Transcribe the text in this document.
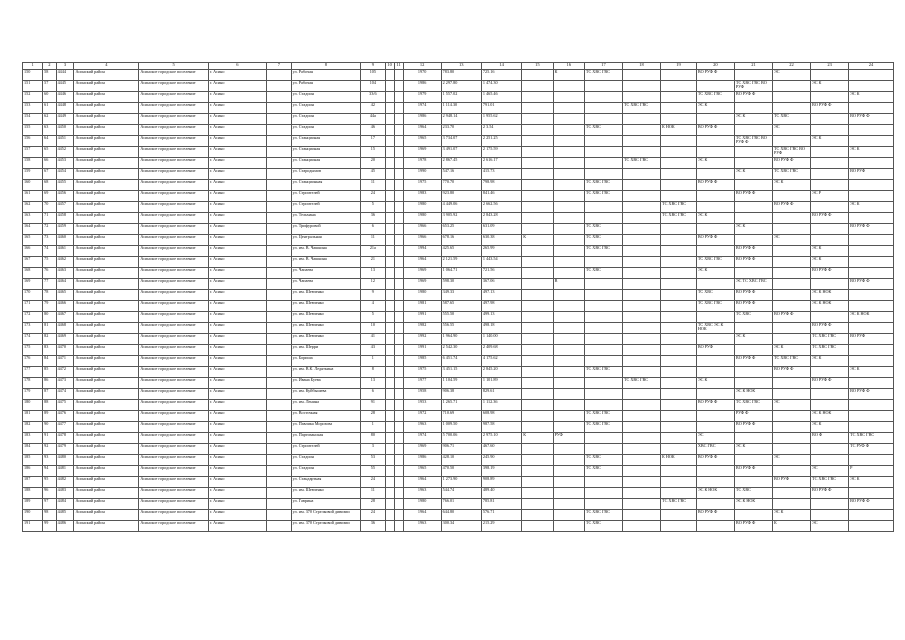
1	2	3	4	5	6	7	8	9	10	11	12	13	14	15	16	17	18	19	20	21	22	23	24
150	58	4444	Асинский район	Асинское городское поселение	г. Асино		ул. Рабочая	105			1970	783.80	725.16		К	ТС ХВС ГВС			ВО РУФ Ф		ЭС		
151	57	4445	Асинский район	Асинское городское поселение	г. Асино		ул. Рабочая	104			1986	2 297.80	1 474.30							ТС ХВС ГВС ВО РУФ		ЭС К	
152	60	4446	Асинский район	Асинское городское поселение	г. Асино		ул. Стадион	33/6			1979	1 557.02	1 465.46						ТС ХВС ГВС	ВО РУФ Ф			ЭС К
153	61	4448	Асинский район	Асинское городское поселение	г. Асино		ул. Стадион	42			1974	1 114.30	791.01				ТС ХВС ГВС		ЭС К			ВО РУФ Ф	
154	62	4449	Асинский район	Асинское городское поселение	г. Асино		ул. Стадион	44a			1986	2 948.14	1 955.62							ЭС К	ТС ХВС		ВО РУФ Ф
155	63	4450	Асинский район	Асинское городское поселение	г. Асино		ул. Стадион	46			1964	233.70	2 3.54			ТС ХВС		К НОК	ВО РУФ Ф		ЭС		
156	64	4451	Асинский район	Асинское городское поселение	г. Асино		ул. Станционая	17			1965	3 734.07	2 251.25							ТС ХВС ГВС ВО РУФ Ф		ЭС К	
157	65	4452	Асинский район	Асинское городское поселение	г. Асино		ул. Станционая	15			1969	3 491.07	2 175.59								ТС ХВС ГВС ВО РУФ		ЭС К
158	66	4453	Асинский район	Асинское городское поселение	г. Асино		ул. Станционая	20			1978	2 867.45	2 616.17				ТС ХВС ГВС		ЭС К		ВО РУФ Ф		
159	67	4454	Асинский район	Асинское городское поселение	г. Асино		ул. Стародымов	45			1990	547.16	415.73							ЭС К	ТС ХВС ГВС		ВО РУФ
160	68	4455	Асинский район	Асинское городское поселение	г. Асино		ул. Станционная	11			1975	770.70	798.98			ТС ХВС ГВС			ВО РУФ Ф		ЭС К		
161	69	4456	Асинский район	Асинское городское поселение	г. Асино		ул. Строителей	24			1983	923.80	841.46			ТС ХВС ГВС				ВО РУФ Ф		ЭС Р	
162	70	4457	Асинский район	Асинское городское поселение	г. Асино		ул. Строителей	5			1980	4 449.06	2 662.56					ТС ХВС ГВС			ВО РУФ Ф		ЭС К
163	71	4458	Асинский район	Асинское городское поселение	г. Асино		ул. Тельмана	36			1980	3 905.92	2 843.28					ТС ХВС ГВС	ЭС К			ВО РУФ Ф	
164	72	4459	Асинский район	Асинское городское поселение	г. Асино		ул. Трифуровой	6			1966	653.25	631.09			ТС ХВС				ЭС К			ВО РУФ Ф
165	73	4460	Асинский район	Асинское городское поселение	г. Асино		ул. Центральная	11			1966	678.16	630.38	К		ТС ХВС			ВО РУФ Ф		ЭС		
166	74	4461	Асинский район	Асинское городское поселение	г. Асино		ул. им. В. Чашкина	21a			1994	425.65	265.99			ТС ХВС ГВС				ВО РУФ Ф		ЭС К	
167	75	4462	Асинский район	Асинское городское поселение	г. Асино		ул. им. В. Чашкина	21			1964	2 121.59	1 443.54						ТС ХВС ГВС	ВО РУФ Ф		ЭС К	
168	76	4463	Асинский район	Асинское городское поселение	г. Асино		ул. Чапаева	13			1969	1 064.71	721.56			ТС ХВС			ЭС К			ВО РУФ Ф	
169	77	4464	Асинский район	Асинское городское поселение	г. Асино		ул. Чапаева	12			1969	598.30	367.06		В					ЭС ТС ХВС ГВС			ВО РУФ Ф
170	78	4465	Асинский район	Асинское городское поселение	г. Асино		ул. им. Шевченко	9			1980	349.33	497.13						ТС ХВС	ВО РУФ Ф		ЭС К НОК	
171	79	4466	Асинский район	Асинское городское поселение	г. Асино		ул. им. Шевченко	4			1981	587.65	497.98						ТС ХВС ГВС	ВО РУФ Ф		ЭС К НОК	
172	80	4467	Асинский район	Асинское городское поселение	г. Асино		ул. им. Шевченко	5			1991	555.50	499.13							ТС ХВС	ВО РУФ Ф		ЭС К НОК
173	81	4468	Асинский район	Асинское городское поселение	г. Асино		ул. им. Шевченко	10			1982	556.55	498.18						ТС ХВС ЭС К НОК			ВО РУФ Ф	
174	82	4469	Асинский район	Асинское городское поселение	г. Асино		ул. им. Шевченко	41			1992	1 964.90	1 140.00							ЭС К		ТС ХВС ГВС	ВО РУФ
175	83	4470	Асинский район	Асинское городское поселение	г. Асино		ул. им. Шерри	43			1991	2 542.30	2 409.68						ВО РУФ		ЭС К	ТС ХВС ГВС	
176	84	4471	Асинский район	Асинское городское поселение	г. Асино		ул. Бориша	1			1985	6 451.74	4 175.62							ВО РУФ Ф	ТС ХВС ГВС	ЭС К	
177	85	4472	Асинский район	Асинское городское поселение	г. Асино		ул. им. В.К. Ледяткина	8			1975	3 451.15	2 845.20			ТС ХВС ГВС					ВО РУФ Ф		ЭС К
178	86	4473	Асинский район	Асинское городское поселение	г. Асино		ул. Ивана Буева	13			1977	1 104.59	1 101.89				ТС ХВС ГВС		ЭС К			ВО РУФ Ф	
179	87	4474	Асинский район	Асинское городское поселение	г. Асино		ул. им. Куйбышева	6			1958	906.38	829.61							ЭС К НОК			ВО РУФ Ф
180	88	4475	Асинский район	Асинское городское поселение	г. Асино		ул. им. Ленина	91			1953	1 265.71	1 112.36						ВО РУФ Ф	ТС ХВС ГВС	ЭС		
181	89	4476	Асинский район	Асинское городское поселение	г. Асино		ул. Восточная	28			1972	710.69	608.98			ТС ХВС ГВС				РУФ Ф		ЭС К НОК	
182	90	4477	Асинский район	Асинское городское поселение	г. Асино		ул. Павлика Морозова	1			1963	1 009.50	987.58			ТС ХВС ГВС				ВО РУФ Ф		ЭС К	
183	91	4478	Асинский район	Асинское городское поселение	г. Асино		ул. Партизанская	80			1974	5 700.06	2 975.10	К	РУФ				ЭС			ВО Ф	ТС ХВС ГВС
184	92	4479	Асинский район	Асинское городское поселение	г. Асино		ул. Строителей	3			1969	906.71	467.60						ХВС ГВС	ЭС К			ТС РУФ Ф
185	93	4480	Асинский район	Асинское городское поселение	г. Асино		ул. Стадион	53			1986	428.10	245.90			ТС ХВС		К НОК	ВО РУФ Ф		ЭС		
186	94	4481	Асинский район	Асинское городское поселение	г. Асино		ул. Стадион	55			1965	470.50	398.19			ТС ХВС				ВО РУФ Ф		ЭС	Р
187	95	4482	Асинский район	Асинское городское поселение	г. Асино		ул. Стандартная	24			1964	1 273.90	908.89								ВО РУФ	ТС ХВС ГВС	ЭС К
188	96	4483	Асинский район	Асинское городское поселение	г. Асино		ул. им. Шевченко	11			1963	544.74	489.40						ЭС К НОК	ТС ХВС		ВО РУФ Ф	
189	97	4484	Асинский район	Асинское городское поселение	г. Асино		ул. Гаврина	28			1980	766.01	785.81					ТС ХВС ГВС		ЭС К НОК			ВО РУФ Ф
190	98	4485	Асинский район	Асинское городское поселение	г. Асино		ул. им. 370 Стрелковой дивизии	24			1964	644.80	576.71			ТС ХВС ГВС			ВО РУФ Ф		ЭС К		
191	99	4486	Асинский район	Асинское городское поселение	г. Асино		ул. им. 370 Стрелковой дивизии	36			1963	300.34	215.29			ТС ХВС				ВО РУФ Ф	К	ЭС	
